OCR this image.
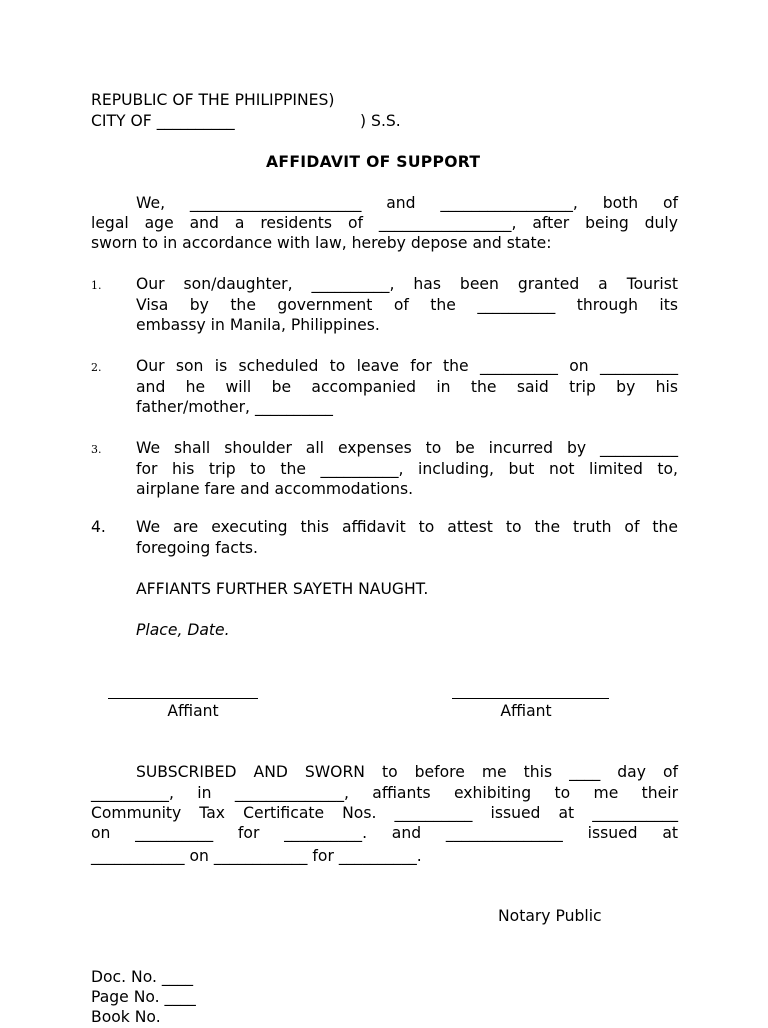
REPUBLIC OF THE PHILIPPINES)
CITY OF __________	) S.S.
AFFIDAVIT OF SUPPORT
We, ______________________ and _________________, both of
legal age and a residents of _________________, after being duly
sworn to in accordance with law, hereby depose and state:
1. Our son/daughter, __________, has been granted a Tourist
Visa by the government of the __________ through its
embassy in Manila, Philippines.
2. Our son is scheduled to leave for the __________ on __________
and he will be accompanied in the said trip by his
father/mother, __________
3. We shall shoulder all expenses to be incurred by __________
for his trip to the __________, including, but not limited to,
airplane fare and accommodations.
4. We are executing this affidavit to attest to the truth of the
foregoing facts.
AFFIANTS FURTHER SAYETH NAUGHT.
Place, Date.
Affiant	Affiant
SUBSCRIBED AND SWORN to before me this ____ day of
__________, in ______________, affiants exhibiting to me their
Community Tax Certificate Nos. __________ issued at ___________
on __________ for __________. and _______________ issued at
____________ on ____________ for __________.
Notary Public
Doc. No. ____
Page No. ____
Book No.
